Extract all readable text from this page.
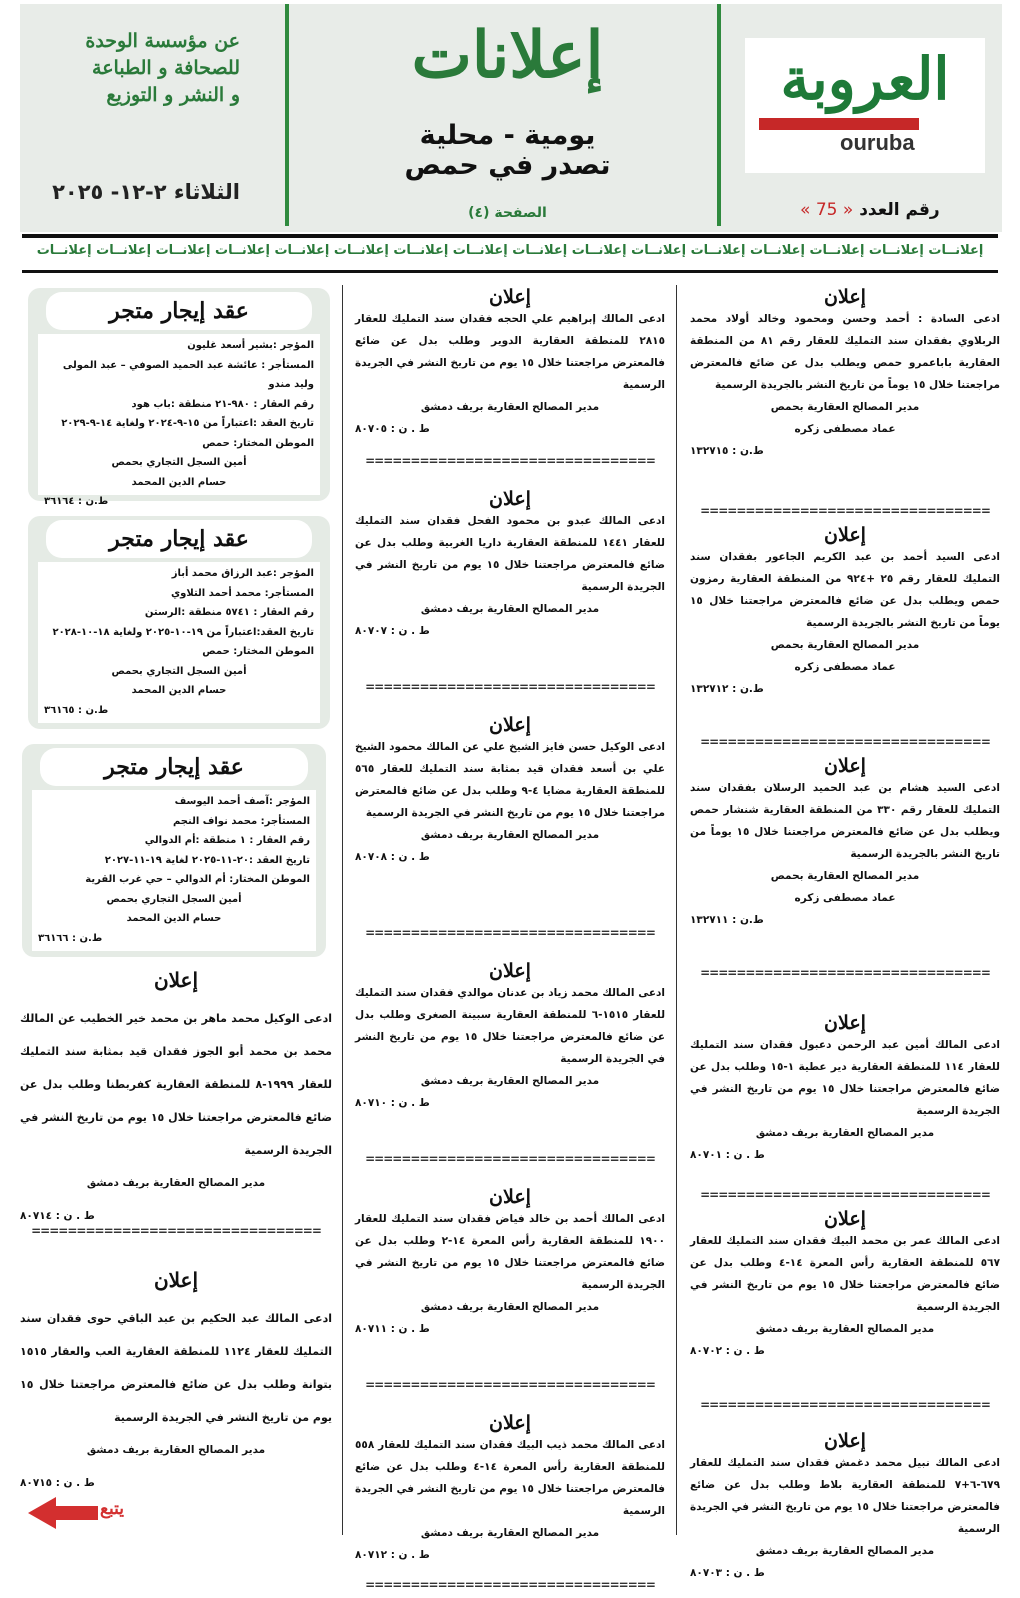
العروبة
ouruba
رقم العدد « 75 »
إعلانات
يومية - محلية
تصدر في حمص
الصفحة (٤)
عن مؤسسة الوحدة
للصحافة و الطباعة
و النشر و التوزيع
الثلاثاء ٢-١٢- ٢٠٢٥
إعلانــات إعلانــات إعلانــات إعلانــات إعلانــات إعلانــات إعلانــات إعلانــات إعلانــات إعلانــات إعلانــات إعلانــات إعلانــات إعلانــات إعلانــات إعلانــات

إعلان

ادعى السادة : أحمد وحسن ومحمود وخالد أولاد محمد الربلاوي بفقدان سند التمليك للعقار رقم ٨١ من المنطقة العقارية باباعمرو حمص ويطلب بدل عن ضائع فالمعترض مراجعتنا خلال ١٥ يوماً من تاريخ النشر بالجريدة الرسمية

مدير المصالح العقارية بحمص

عماد مصطفى زكره

ط.ن : ١٣٢٧١٥

================================

إعلان

ادعى السيد أحمد بن عبد الكريم الجاعور بفقدان سند التمليك للعقار رقم ٢٥ +٩٢٤ من المنطقة العقارية رمزون حمص ويطلب بدل عن ضائع فالمعترض مراجعتنا خلال ١٥ يوماً من تاريخ النشر بالجريدة الرسمية

مدير المصالح العقارية بحمص

عماد مصطفى زكره

ط.ن : ١٣٢٧١٢

================================

إعلان

ادعى السيد هشام بن عبد الحميد الرسلان بفقدان سند التمليك للعقار رقم ٣٣٠ من المنطقة العقارية شنشار حمص ويطلب بدل عن ضائع فالمعترض مراجعتنا خلال ١٥ يوماً من تاريخ النشر بالجريدة الرسمية

مدير المصالح العقارية بحمص

عماد مصطفى زكره

ط.ن : ١٣٢٧١١

================================

إعلان

ادعى المالك أمين عبد الرحمن دعبول فقدان سند التمليك للعقار ١١٤ للمنطقة العقارية دير عطية ١-١٥ وطلب بدل عن ضائع فالمعترض مراجعتنا خلال ١٥ يوم من تاريخ النشر في الجريدة الرسمية

مدير المصالح العقارية بريف دمشق

ط . ن : ٨٠٧٠١

================================

إعلان

ادعى المالك عمر بن محمد البيك فقدان سند التمليك للعقار ٥٦٧ للمنطقة العقارية رأس المعرة ١٤-٤ وطلب بدل عن ضائع فالمعترض مراجعتنا خلال ١٥ يوم من تاريخ النشر في الجريدة الرسمية

مدير المصالح العقارية بريف دمشق

ط . ن : ٨٠٧٠٢

================================

إعلان

ادعى المالك نبيل محمد دغمش فقدان سند التمليك للعقار ٦٧٩-٦+٧ للمنطقة العقارية بلاط وطلب بدل عن ضائع فالمعترض مراجعتنا خلال ١٥ يوم من تاريخ النشر في الجريدة الرسمية

مدير المصالح العقارية بريف دمشق

ط . ن : ٨٠٧٠٣

إعلان

ادعى المالك إبراهيم علي الحجه فقدان سند التمليك للعقار ٢٨١٥ للمنطقة العقارية الدوير وطلب بدل عن ضائع فالمعترض مراجعتنا خلال ١٥ يوم من تاريخ النشر في الجريدة الرسمية

مدير المصالح العقارية بريف دمشق

ط . ن : ٨٠٧٠٥

================================

إعلان

ادعى المالك عبدو بن محمود الفحل فقدان سند التمليك للعقار ١٤٤١ للمنطقة العقارية داريا الغربية وطلب بدل عن ضائع فالمعترض مراجعتنا خلال ١٥ يوم من تاريخ النشر في الجريدة الرسمية

مدير المصالح العقارية بريف دمشق

ط . ن : ٨٠٧٠٧

================================

إعلان

ادعى الوكيل حسن فايز الشيخ علي عن المالك محمود الشيخ علي بن أسعد فقدان قيد بمثابة سند التمليك للعقار ٥٦٥ للمنطقة العقارية مضايا ٤-٩ وطلب بدل عن ضائع فالمعترض مراجعتنا خلال ١٥ يوم من تاريخ النشر في الجريدة الرسمية

مدير المصالح العقارية بريف دمشق

ط . ن : ٨٠٧٠٨

================================

إعلان

ادعى المالك محمد زياد بن عدنان موالدي فقدان سند التمليك للعقار ١٥١٥-٦ للمنطقة العقارية سبينة الصغرى وطلب بدل عن ضائع فالمعترض مراجعتنا خلال ١٥ يوم من تاريخ النشر في الجريدة الرسمية

مدير المصالح العقارية بريف دمشق

ط . ن : ٨٠٧١٠

================================

إعلان

ادعى المالك أحمد بن خالد فياض فقدان سند التمليك للعقار ١٩٠٠ للمنطقة العقارية رأس المعرة ١٤-٢ وطلب بدل عن ضائع فالمعترض مراجعتنا خلال ١٥ يوم من تاريخ النشر في الجريدة الرسمية

مدير المصالح العقارية بريف دمشق

ط . ن : ٨٠٧١١

================================

إعلان

ادعى المالك محمد ذيب البيك فقدان سند التمليك للعقار ٥٥٨ للمنطقة العقارية رأس المعرة ١٤-٤ وطلب بدل عن ضائع فالمعترض مراجعتنا خلال ١٥ يوم من تاريخ النشر في الجريدة الرسمية

مدير المصالح العقارية بريف دمشق

ط . ن : ٨٠٧١٢

================================
عقد إيجار متجر

المؤجر :بشير أسعد غليون

المستأجر : عائشة عبد الحميد الصوفي – عبد المولى وليد مندو

رقم العقار : ٩٨٠-٢١ منطقة :باب هود

تاريخ العقد :اعتباراً من ١٥-٩-٢٠٢٤ ولغاية ١٤-٩-٢٠٢٩

الموطن المختار: حمص

أمين السجل التجاري بحمص

حسام الدين المحمد

ط.ن : ٣٦١٦٤

عقد إيجار متجر

المؤجر :عبد الرزاق محمد أباز

المستأجر: محمد أحمد التلاوي

رقم العقار : ٥٧٤١ منطقة :الرستن

تاريخ العقد:اعتباراً من ١٩-١٠-٢٠٢٥ ولغاية ١٨-١٠-٢٠٢٨

الموطن المختار: حمص

أمين السجل التجاري بحمص

حسام الدين المحمد

ط.ن : ٣٦١٦٥

عقد إيجار متجر

المؤجر :آصف أحمد اليوسف

المستأجر: محمد نواف النجم

رقم العقار : ١ منطقة :أم الدوالي

تاريخ العقد :٢٠-١١-٢٠٢٥ لغاية ١٩-١١-٢٠٢٧

الموطن المختار: أم الدوالي – حي غرب القرية

أمين السجل التجاري بحمص

حسام الدين المحمد

ط.ن : ٣٦١٦٦

إعلان

ادعى الوكيل محمد ماهر بن محمد خير الخطيب عن المالك محمد بن محمد أبو الجوز فقدان قيد بمثابة سند التمليك للعقار ١٩٩٩-٨ للمنطقة العقارية كفربطنا وطلب بدل عن ضائع فالمعترض مراجعتنا خلال ١٥ يوم من تاريخ النشر في الجريدة الرسمية

مدير المصالح العقارية بريف دمشق

ط . ن : ٨٠٧١٤

================================

إعلان

ادعى المالك عبد الحكيم بن عبد الباقي حوى فقدان سند التمليك للعقار ١١٢٤ للمنطقة العقارية العب والعقار ١٥١٥ بتوانة وطلب بدل عن ضائع فالمعترض مراجعتنا خلال ١٥ يوم من تاريخ النشر في الجريدة الرسمية

مدير المصالح العقارية بريف دمشق

ط . ن : ٨٠٧١٥

يتبع
